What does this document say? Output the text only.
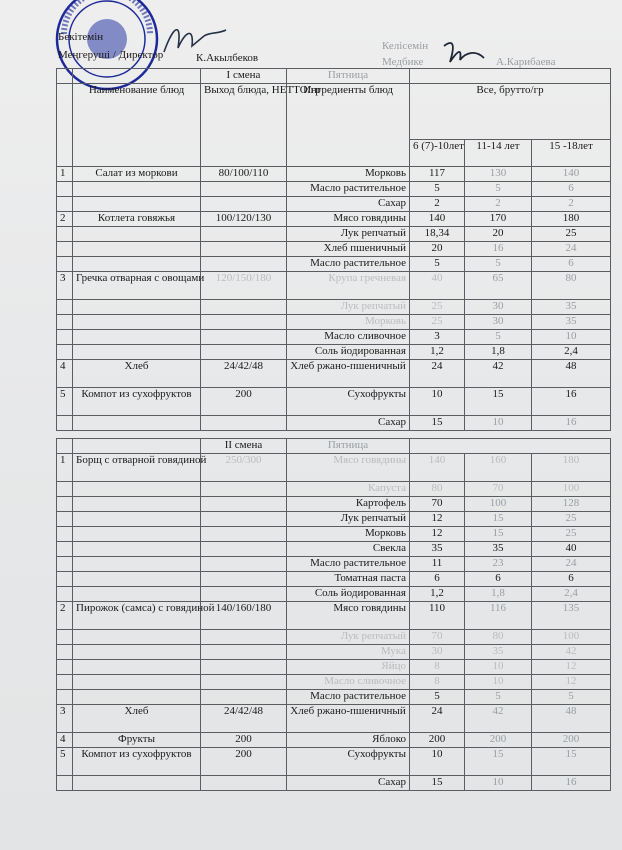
Бекітемін
Меңгеруші / Директор	К.Акылбеков
Келісемін
Медбике	А.Карибаева
		I смена	Пятница			
	Наименование блюд	Выход блюда, НЕТТО/гр	Ингредиенты блюд	Все, брутто/гр		
				6 (7)-10лет	11-14 лет	15 -18лет
1	Салат из моркови	80/100/110	Морковь	117	130	140
			Масло растительное	5	5	6
			Сахар	2	2	2
2	Котлета говяжья	100/120/130	Мясо говядины	140	170	180
			Лук репчатый	18,34	20	25
			Хлеб пшеничный	20	16	24
			Масло растительное	5	5	6
3	Гречка отварная с овощами	120/150/180	Крупа гречневая	40	65	80
			Лук репчатый	25	30	35
			Морковь	25	30	35
			Масло сливочное	3	5	10
			Соль йодированная	1,2	1,8	2,4
4	Хлеб	24/42/48	Хлеб ржано-пшеничный	24	42	48
5	Компот из сухофруктов	200	Сухофрукты	10	15	16
			Сахар	15	10	16
		II смена	Пятница			
1	Борщ с отварной говядиной	250/300	Мясо говядины	140	160	180
			Капуста	80	70	100
			Картофель	70	100	128
			Лук репчатый	12	15	25
			Морковь	12	15	25
			Свекла	35	35	40
			Масло растительное	11	23	24
			Томатная паста	6	6	6
			Соль йодированная	1,2	1,8	2,4
2	Пирожок (самса) с говядиной	140/160/180	Мясо говядины	110	116	135
			Лук репчатый	70	80	100
			Мука	30	35	42
			Яйцо	8	10	12
			Масло сливочное	8	10	12
			Масло растительное	5	5	5
3	Хлеб	24/42/48	Хлеб ржано-пшеничный	24	42	48
4	Фрукты	200	Яблоко	200	200	200
5	Компот из сухофруктов	200	Сухофрукты	10	15	15
			Сахар	15	10	16
